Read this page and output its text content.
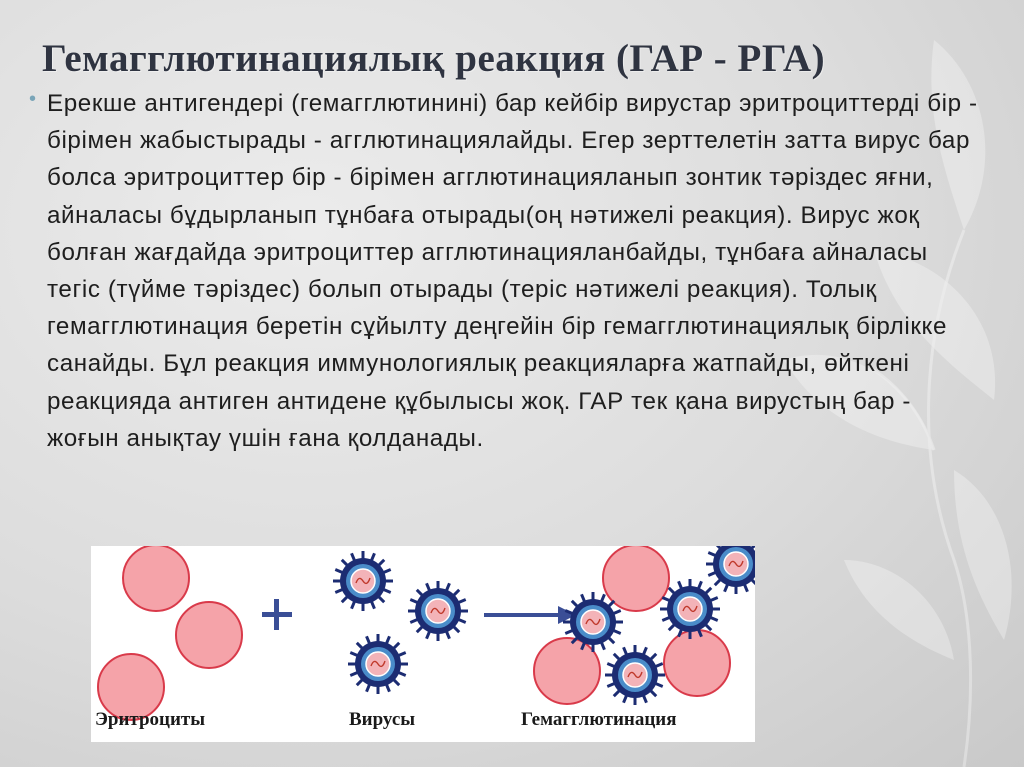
Гемагглютинациялық реакция (ГАР - РГА)
• Ерекше антигендері (гемагглютинині) бар кейбір вирустар эритроциттерді бір - бірімен жабыстырады - агглютинациялайды. Егер зерттелетін затта вирус бар болса эритроциттер бір - бірімен агглютинацияланып зонтик тәріздес яғни, айналасы бұдырланып тұнбаға отырады(оң нәтижелі реакция). Вирус жоқ болған жағдайда эритроциттер агглютинацияланбайды, тұнбаға айналасы тегіс (түйме тәріздес) болып отырады (теріс нәтижелі реакция). Толық гемагглютинация беретін сұйылту деңгейін бір гемагглютинациялық бірлікке санайды. Бұл реакция иммунологиялық реакцияларға жатпайды, өйткені реакцияда антиген антидене құбылысы жоқ. ГАР тек қана вирустың бар - жоғын анықтау үшін ғана қолданады.
Эритроциты	Вирусы	Гемагглютинация
